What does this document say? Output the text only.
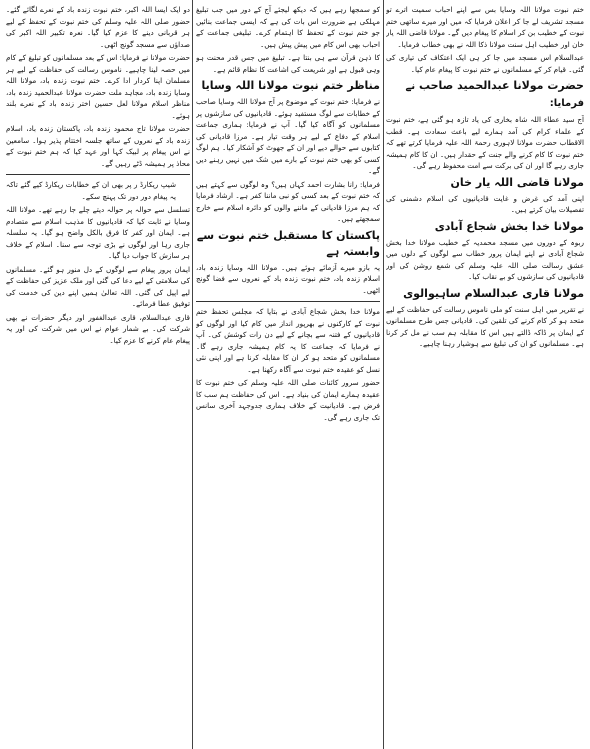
ختم نبوت مولانا اللہ وسایا بس سے اپنے احباب سمیت اترے تو مسجد تشریف لے جا کر اعلان فرمایا کہ میں اور میرے ساتھی ختم نبوت کے خطیب بن کر اسلام کا پیغام دیں گے۔ مولانا قاضی اللہ یار خان اور خطیب اہل سنت مولانا ذکا اللہ نے بھی خطاب فرمایا۔

عبدالسلام اس مسجد میں جا کر ہی ایک اعتکاف کی تیاری کی گئی۔ قیام کر کے مسلمانوں نے ختم نبوت کا پیغام عام کیا۔

حضرت مولانا عبدالحمید صاحب نے فرمایا:

آج سید عطاء اللہ شاہ بخاری کی یاد تازہ ہو گئی ہے، ختم نبوت کے علماء کرام کی آمد ہمارے لیے باعث سعادت ہے۔ قطب الاقطاب حضرت مولانا لاہوری رحمۃ اللہ علیہ فرمایا کرتے تھے کہ ختم نبوت کا کام کرنے والے جنت کے حقدار ہیں۔ ان کا کام ہمیشہ جاری رہے گا اور ان کی برکت سے امت محفوظ رہے گی۔

مولانا قاضی اللہ یار خان

اپنی آمد کی غرض و غایت قادیانیوں کی اسلام دشمنی کی تفصیلات بیان کرتے ہیں۔

مولانا خدا بخش شجاع آبادی

ربوہ کے دوروں میں مسجد محمدیہ کے خطیب مولانا خدا بخش شجاع آبادی نے اپنے ایمان پرور خطاب سے لوگوں کے دلوں میں عشق رسالت صلی اللہ علیہ وسلم کی شمع روشن کی اور قادیانیوں کی سازشوں کو بے نقاب کیا۔

مولانا قاری عبدالسلام ساہیوالوی

نے تقریر میں اہل سنت کو ملی ناموس رسالت کی حفاظت کے لیے متحد ہو کر کام کرنے کی تلقین کی۔ قادیانی جس طرح مسلمانوں کے ایمان پر ڈاکہ ڈالتے ہیں اس کا مقابلہ ہم سب نے مل کر کرنا ہے۔ مسلمانوں کو ان کی تبلیغ سے ہوشیار رہنا چاہیے۔

کو سمجھا رہے ہیں کہ دیکھ لیجئے آج کے دور میں جب تبلیغ مہلکی ہے ضرورت اس بات کی ہے کہ ایسی جماعت بنائیں جو ختم نبوت کے تحفظ کا اہتمام کرے۔ تبلیغی جماعت کے احباب بھی اس کام میں پیش پیش ہیں۔

کا ذہن قرآن سے ہی بنتا ہے۔ تبلیغ میں جس قدر محنت ہو وہی قبول ہے اور شریعت کی اشاعت کا نظام قائم ہے۔

مناظر ختم نبوت مولانا اللہ وسایا

نے فرمایا: ختم نبوت کے موضوع پر آج مولانا اللہ وسایا صاحب کے خطابات سے لوگ مستفید ہوئے۔ قادیانیوں کی سازشوں پر مسلمانوں کو آگاہ کیا گیا۔ آپ نے فرمایا: ہماری جماعت اسلام کے دفاع کے لیے ہر وقت تیار ہے۔ مرزا قادیانی کی کتابوں سے حوالے دیے اور ان کے جھوٹ کو آشکار کیا۔ ہم لوگ کسی کو بھی ختم نبوت کے بارے میں شک میں نہیں رہنے دیں گے۔

فرمایا: رانا بشارت احمد کہاں ہیں؟ وہ لوگوں سے کہتے ہیں کہ ختم نبوت کے بعد کسی کو نبی ماننا کفر ہے۔ ارشاد فرمایا کہ ہم مرزا قادیانی کے ماننے والوں کو دائرہ اسلام سے خارج سمجھتے ہیں۔

پاکستان کا مستقبل ختم نبوت سے وابستہ ہے

یہ بازو میرے آزمائے ہوئے ہیں۔ مولانا اللہ وسایا زندہ باد، اسلام زندہ باد، ختم نبوت زندہ باد کے نعروں سے فضا گونج اٹھی۔

مولانا خدا بخش شجاع آبادی نے بتایا کہ مجلس تحفظ ختم نبوت کے کارکنوں نے بھرپور انداز میں کام کیا اور لوگوں کو قادیانیوں کے فتنہ سے بچانے کے لیے دن رات کوشش کی۔ آپ نے فرمایا کہ جماعت کا یہ کام ہمیشہ جاری رہے گا۔ مسلمانوں کو متحد ہو کر ان کا مقابلہ کرنا ہے اور اپنی نئی نسل کو عقیدہ ختم نبوت سے آگاہ رکھنا ہے۔

حضور سرور کائنات صلی اللہ علیہ وسلم کی ختم نبوت کا عقیدہ ہمارے ایمان کی بنیاد ہے۔ اس کی حفاظت ہم سب کا فرض ہے۔ قادیانیت کے خلاف ہماری جدوجہد آخری سانس تک جاری رہے گی۔

دو ایک ایسا اللہ اکبر، ختم نبوت زندہ باد کے نعرے لگائے گئے۔ حضور صلی اللہ علیہ وسلم کی ختم نبوت کے تحفظ کے لیے ہر قربانی دینے کا عزم کیا گیا۔ نعرہ تکبیر اللہ اکبر کی صداؤں سے مسجد گونج اٹھی۔

حضرت مولانا نے فرمایا: اس کے بعد مسلمانوں کو تبلیغ کے کام میں حصہ لینا چاہیے۔ ناموس رسالت کی حفاظت کے لیے ہر مسلمان اپنا کردار ادا کرے۔ ختم نبوت زندہ باد، مولانا اللہ وسایا زندہ باد، مجاہد ملت حضرت مولانا عبدالحمید زندہ باد، مناظر اسلام مولانا لعل حسین اختر زندہ باد کے نعرے بلند ہوئے۔

حضرت مولانا تاج محمود زندہ باد، پاکستان زندہ باد، اسلام زندہ باد کے نعروں کے ساتھ جلسہ اختتام پذیر ہوا۔ سامعین نے اس پیغام پر لبیک کہا اور عہد کیا کہ ہم ختم نبوت کے محاذ پر ہمیشہ ڈٹے رہیں گے۔

شیپ ریکارڈ ر پر بھی ان کے خطابات ریکارڈ کیے گئے تاکہ یہ پیغام دور دور تک پہنچ سکے۔

تسلسل سے حوالہ پر حوالہ دیتے چلے جا رہے تھے۔ مولانا اللہ وسایا نے ثابت کیا کہ قادیانیوں کا مذہب اسلام سے متصادم ہے۔ ایمان اور کفر کا فرق بالکل واضح ہو گیا۔ یہ سلسلہ جاری رہا اور لوگوں نے بڑی توجہ سے سنا۔ اسلام کے خلاف ہر سازش کا جواب دیا گیا۔

ایمان پرور پیغام سے لوگوں کے دل منور ہو گئے۔ مسلمانوں کی سلامتی کے لیے دعا کی گئی اور ملک عزیز کی حفاظت کے لیے اپیل کی گئی۔ اللہ تعالیٰ ہمیں اپنے دین کی خدمت کی توفیق عطا فرمائے۔

قاری عبدالسلام، قاری عبدالغفور اور دیگر حضرات نے بھی شرکت کی۔ بے شمار عوام نے اس میں شرکت کی اور یہ پیغام عام کرنے کا عزم کیا۔
